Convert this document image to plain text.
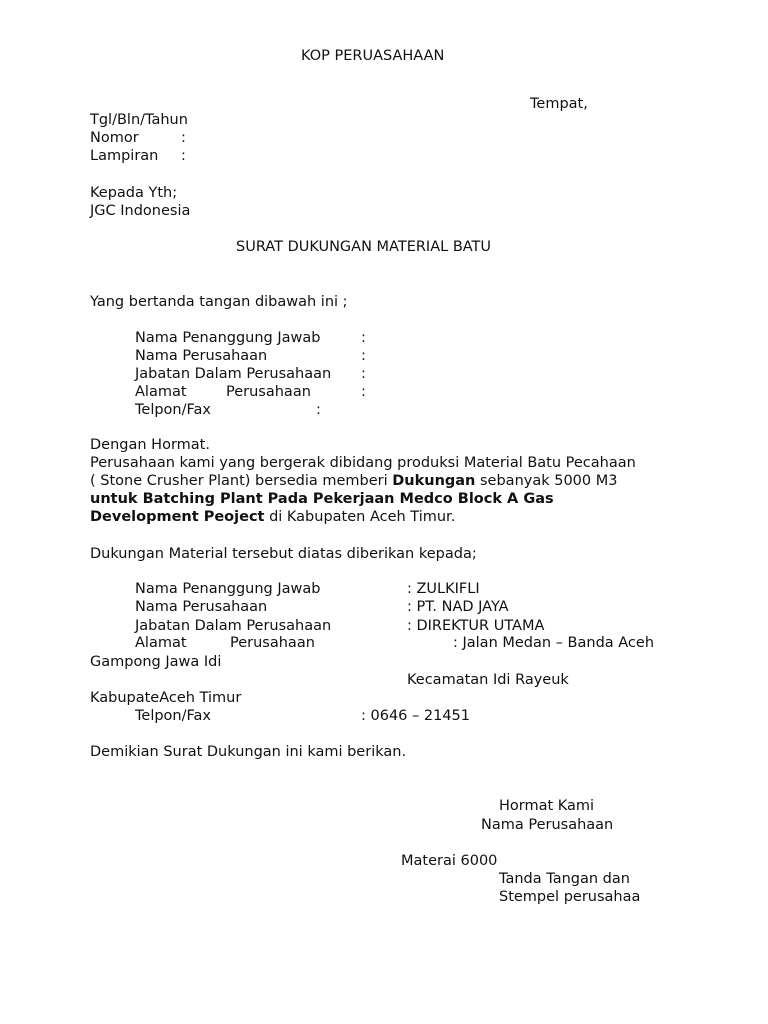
KOP PERUASAHAAN
Tempat,
Tgl/Bln/Tahun
Nomor	:
Lampiran :
Kepada Yth;
JGC Indonesia
SURAT DUKUNGAN MATERIAL BATU
Yang bertanda tangan dibawah ini ;
Nama Penanggung Jawab	:
Nama Perusahaan	:
Jabatan Dalam Perusahaan :
Alamat	Perusahaan	:
Telpon/Fax	:
Dengan Hormat.
Perusahaan kami yang bergerak dibidang produksi Material Batu Pecahaan
( Stone Crusher Plant) bersedia memberi Dukungan sebanyak 5000 M3
untuk Batching Plant Pada Pekerjaan Medco Block A Gas
Development Peoject di Kabupaten Aceh Timur.
Dukungan Material tersebut diatas diberikan kepada;
Nama Penanggung Jawab	: ZULKIFLI
Nama Perusahaan	: PT. NAD JAYA
Jabatan Dalam Perusahaan	: DIREKTUR UTAMA
Alamat	Perusahaan	: Jalan Medan – Banda Aceh
Gampong Jawa Idi
Kecamatan Idi Rayeuk
KabupateAceh Timur
Telpon/Fax	: 0646 – 21451
Demikian Surat Dukungan ini kami berikan.
Hormat Kami
Nama Perusahaan
Materai 6000
Tanda Tangan dan
Stempel perusahaa
